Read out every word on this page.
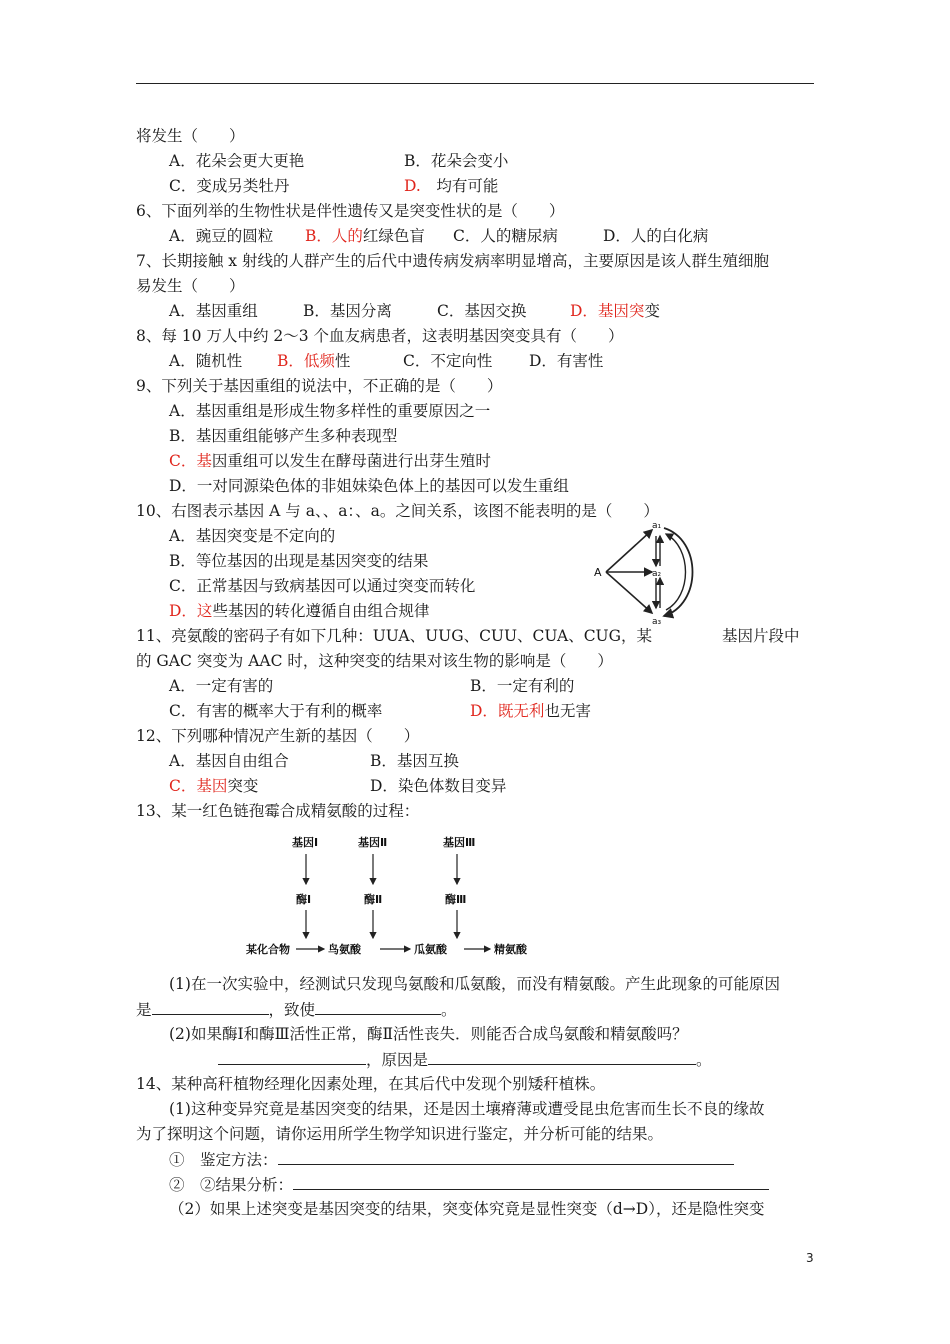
将发生（　　）
A．花朵会更大更艳	B．花朵会变小
C．变成另类牡丹	D.　 均有可能
6、下面列举的生物性状是伴性遗传又是突变性状的是（　　）
A．豌豆的圆粒 B．人的红绿色盲 C．人的糖尿病	D．人的白化病
7、长期接触 x 射线的人群产生的后代中遗传病发病率明显增高，主要原因是该人群生殖细胞
易发生（　　）
A．基因重组	B．基因分离	C．基因交换	D．基因突变
8、每 10 万人中约 2～3 个血友病患者，这表明基因突变具有（　　）
A．随机性 B．低频性	C．不定向性 D．有害性
9、下列关于基因重组的说法中，不正确的是（　　）
A．基因重组是形成生物多样性的重要原因之一
B．基因重组能够产生多种表现型
C．基因重组可以发生在酵母菌进行出芽生殖时
D．一对同源染色体的非姐妹染色体上的基因可以发生重组
10、右图表示基因 A 与 a、、a：、a。之间关系，该图不能表明的是（　　）
A．基因突变是不定向的
B．等位基因的出现是基因突变的结果
C．正常基因与致病基因可以通过突变而转化
D．这些基因的转化遵循自由组合规律
A
a₁
a₂
a₃
11、亮氨酸的密码子有如下几种：UUA、UUG、CUU、CUA、CUG，某	基因片段中
的 GAC 突变为 AAC 时，这种突变的结果对该生物的影响是（　　）
A．一定有害的	B．一定有利的
C．有害的概率大于有利的概率	D．既无利也无害
12、下列哪种情况产生新的基因（　　）
A．基因自由组合	B．基因互换
C．基因突变	D．染色体数目变异
13、某一红色链孢霉合成精氨酸的过程：
基因Ⅰ	基因Ⅱ	基因Ⅲ
酶Ⅰ	酶Ⅱ	酶Ⅲ
某化合物	鸟氨酸	瓜氨酸	精氨酸
(1)在一次实验中，经测试只发现鸟氨酸和瓜氨酸，而没有精氨酸。产生此现象的可能原因
是	，致使	。
(2)如果酶Ⅰ和酶Ⅲ活性正常，酶Ⅱ活性丧失．则能否合成鸟氨酸和精氨酸吗？
，原因是	。
14、某种高秆植物经理化因素处理，在其后代中发现个别矮秆植株。
(1)这种变异究竟是基因突变的结果，还是因土壤瘠薄或遭受昆虫危害而生长不良的缘故
为了探明这个问题，请你运用所学生物学知识进行鉴定，并分析可能的结果。
①　鉴定方法：
②　②结果分析：
（2）如果上述突变是基因突变的结果，突变体究竟是显性突变（d→D），还是隐性突变
3
